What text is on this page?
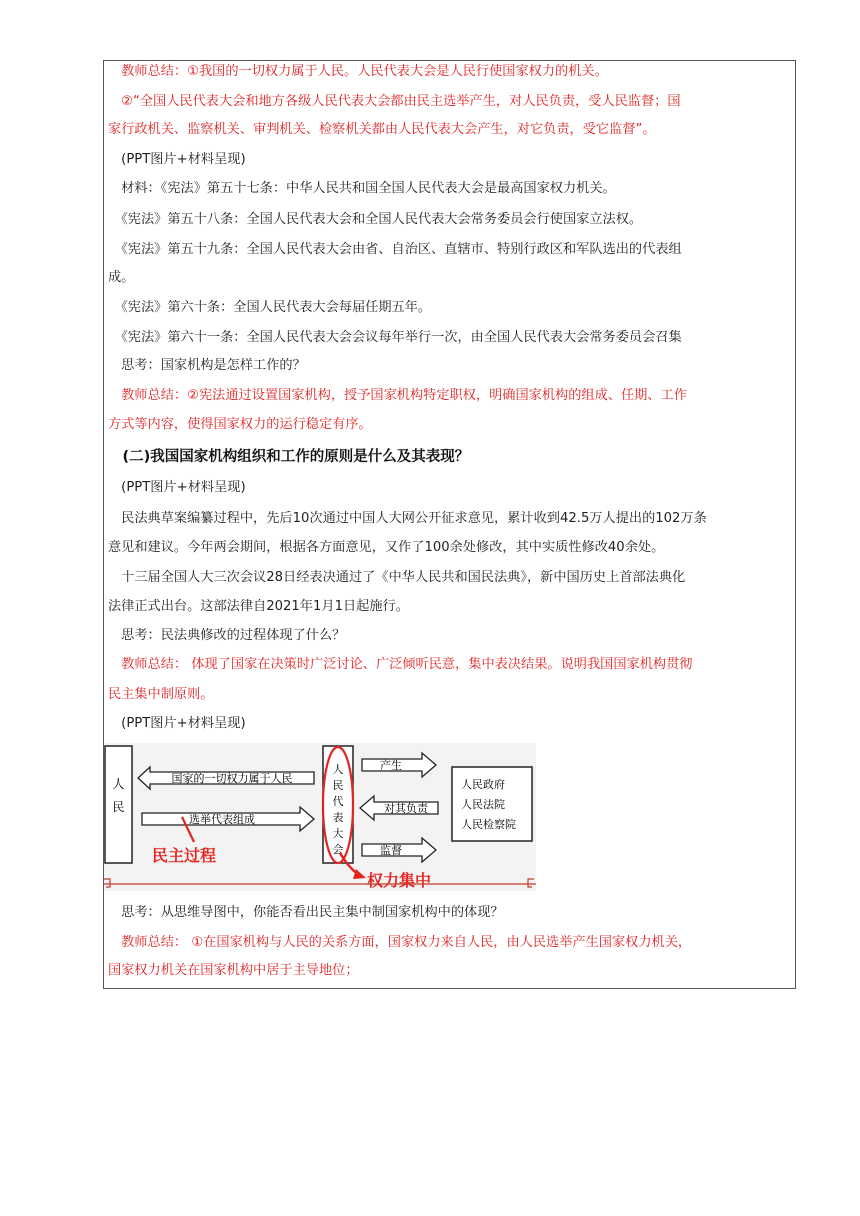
　教师总结：①我国的一切权力属于人民。人民代表大会是人民行使国家权力的机关。
　②“全国人民代表大会和地方各级人民代表大会都由民主选举产生，对人民负责，受人民监督；国
家行政机关、监察机关、审判机关、检察机关都由人民代表大会产生，对它负责，受它监督”。
　(PPT图片+材料呈现)
　材料：《宪法》第五十七条：中华人民共和国全国人民代表大会是最高国家权力机关。
　《宪法》第五十八条：全国人民代表大会和全国人民代表大会常务委员会行使国家立法权。
　《宪法》第五十九条：全国人民代表大会由省、自治区、直辖市、特别行政区和军队选出的代表组
成。
　《宪法》第六十条：全国人民代表大会每届任期五年。
　《宪法》第六十一条：全国人民代表大会会议每年举行一次，由全国人民代表大会常务委员会召集
　思考：国家机构是怎样工作的？
　教师总结：②宪法通过设置国家机构，授予国家机构特定职权，明确国家机构的组成、任期、工作
方式等内容，使得国家权力的运行稳定有序。
　(二)我国国家机构组织和工作的原则是什么及其表现？
　(PPT图片+材料呈现)
　民法典草案编纂过程中，先后10次通过中国人大网公开征求意见，累计收到42.5万人提出的102万条
意见和建议。今年两会期间，根据各方面意见，又作了100余处修改，其中实质性修改40余处。
　十三届全国人大三次会议28日经表决通过了《中华人民共和国民法典》，新中国历史上首部法典化
法律正式出台。这部法律自2021年1月1日起施行。
　思考：民法典修改的过程体现了什么？
　教师总结： 体现了国家在决策时广泛讨论、广泛倾听民意，集中表决结果。说明我国国家机构贯彻
民主集中制原则。
　(PPT图片+材料呈现)
人
民
国家的一切权力属于人民
选举代表组成
人
民
代
表
大
会
产生
对其负责
监督
人民政府
人民法院
人民检察院
民主过程
权力集中
　思考：从思维导图中，你能否看出民主集中制国家机构中的体现？
　教师总结： ①在国家机构与人民的关系方面，国家权力来自人民，由人民选举产生国家权力机关，
国家权力机关在国家机构中居于主导地位；
